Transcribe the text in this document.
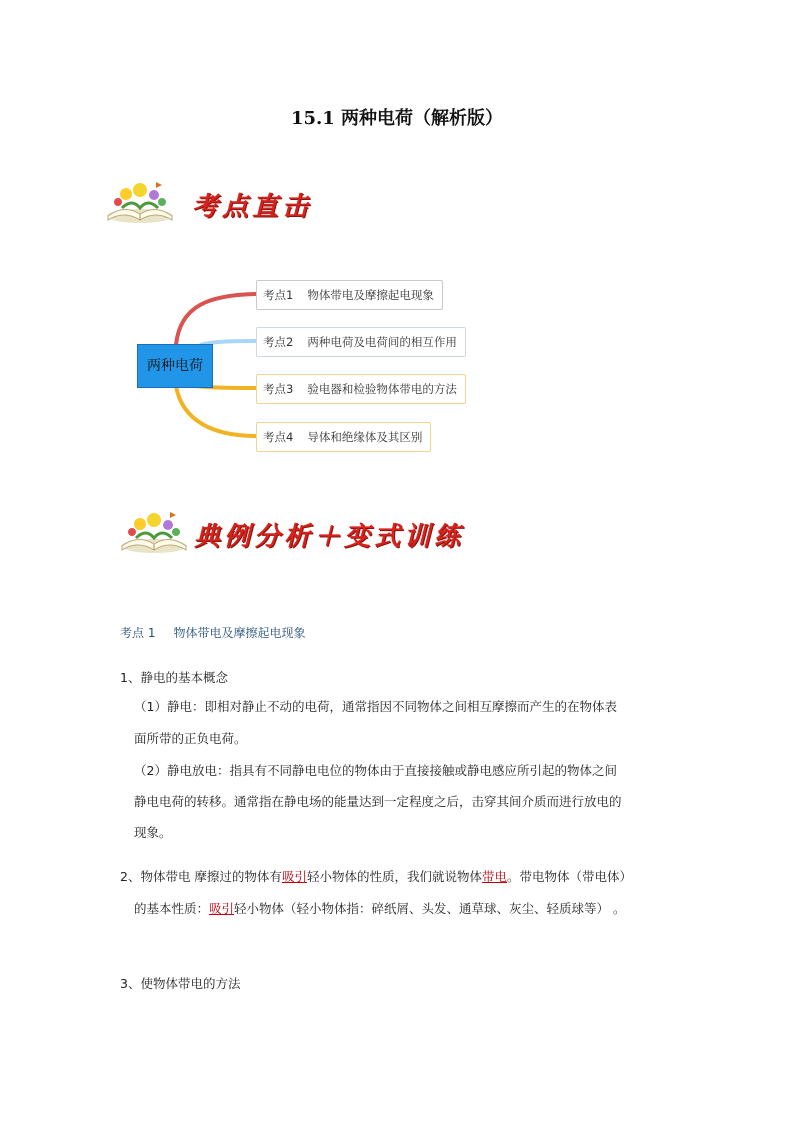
15.1 两种电荷（解析版）
考点直击
两种电荷
考点1 物体带电及摩擦起电现象
考点2 两种电荷及电荷间的相互作用
考点3 验电器和检验物体带电的方法
考点4 导体和绝缘体及其区别
典例分析＋变式训练
考点 1 物体带电及摩擦起电现象
1、静电的基本概念
（1）静电：即相对静止不动的电荷，通常指因不同物体之间相互摩擦而产生的在物体表
面所带的正负电荷。
（2）静电放电：指具有不同静电电位的物体由于直接接触或静电感应所引起的物体之间
静电电荷的转移。通常指在静电场的能量达到一定程度之后，击穿其间介质而进行放电的
现象。
2、物体带电 摩擦过的物体有吸引轻小物体的性质，我们就说物体带电。带电物体（带电体）
的基本性质：吸引轻小物体（轻小物体指：碎纸屑、头发、通草球、灰尘、轻质球等） 。
3、使物体带电的方法
